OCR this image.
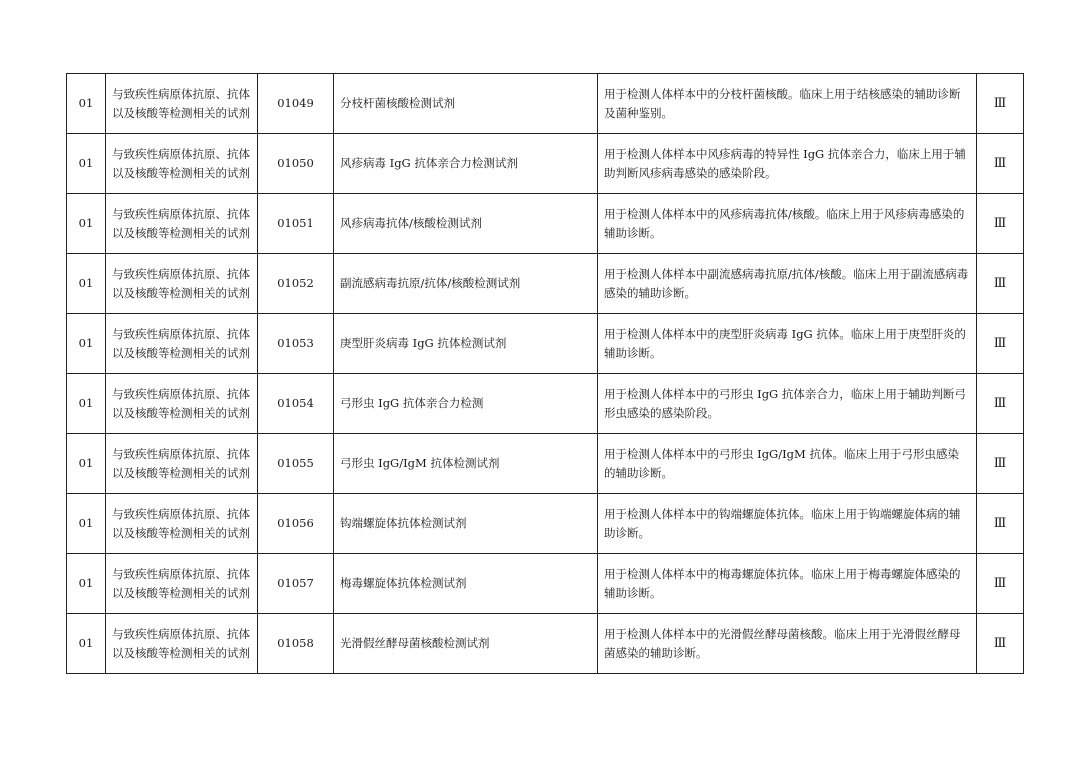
01	与致疾性病原体抗原、抗体以及核酸等检测相关的试剂	01049	分枝杆菌核酸检测试剂	用于检测人体样本中的分枝杆菌核酸。临床上用于结核感染的辅助诊断及菌种鉴别。	Ⅲ
01	与致疾性病原体抗原、抗体以及核酸等检测相关的试剂	01050	风疹病毒 IgG 抗体亲合力检测试剂	用于检测人体样本中风疹病毒的特异性 IgG 抗体亲合力，临床上用于辅助判断风疹病毒感染的感染阶段。	Ⅲ
01	与致疾性病原体抗原、抗体以及核酸等检测相关的试剂	01051	风疹病毒抗体/核酸检测试剂	用于检测人体样本中的风疹病毒抗体/核酸。临床上用于风疹病毒感染的辅助诊断。	Ⅲ
01	与致疾性病原体抗原、抗体以及核酸等检测相关的试剂	01052	副流感病毒抗原/抗体/核酸检测试剂	用于检测人体样本中副流感病毒抗原/抗体/核酸。临床上用于副流感病毒感染的辅助诊断。	Ⅲ
01	与致疾性病原体抗原、抗体以及核酸等检测相关的试剂	01053	庚型肝炎病毒 IgG 抗体检测试剂	用于检测人体样本中的庚型肝炎病毒 IgG 抗体。临床上用于庚型肝炎的辅助诊断。	Ⅲ
01	与致疾性病原体抗原、抗体以及核酸等检测相关的试剂	01054	弓形虫 IgG 抗体亲合力检测	用于检测人体样本中的弓形虫 IgG 抗体亲合力，临床上用于辅助判断弓形虫感染的感染阶段。	Ⅲ
01	与致疾性病原体抗原、抗体以及核酸等检测相关的试剂	01055	弓形虫 IgG/IgM 抗体检测试剂	用于检测人体样本中的弓形虫 IgG/IgM 抗体。临床上用于弓形虫感染的辅助诊断。	Ⅲ
01	与致疾性病原体抗原、抗体以及核酸等检测相关的试剂	01056	钩端螺旋体抗体检测试剂	用于检测人体样本中的钩端螺旋体抗体。临床上用于钩端螺旋体病的辅助诊断。	Ⅲ
01	与致疾性病原体抗原、抗体以及核酸等检测相关的试剂	01057	梅毒螺旋体抗体检测试剂	用于检测人体样本中的梅毒螺旋体抗体。临床上用于梅毒螺旋体感染的辅助诊断。	Ⅲ
01	与致疾性病原体抗原、抗体以及核酸等检测相关的试剂	01058	光滑假丝酵母菌核酸检测试剂	用于检测人体样本中的光滑假丝酵母菌核酸。临床上用于光滑假丝酵母菌感染的辅助诊断。	Ⅲ
